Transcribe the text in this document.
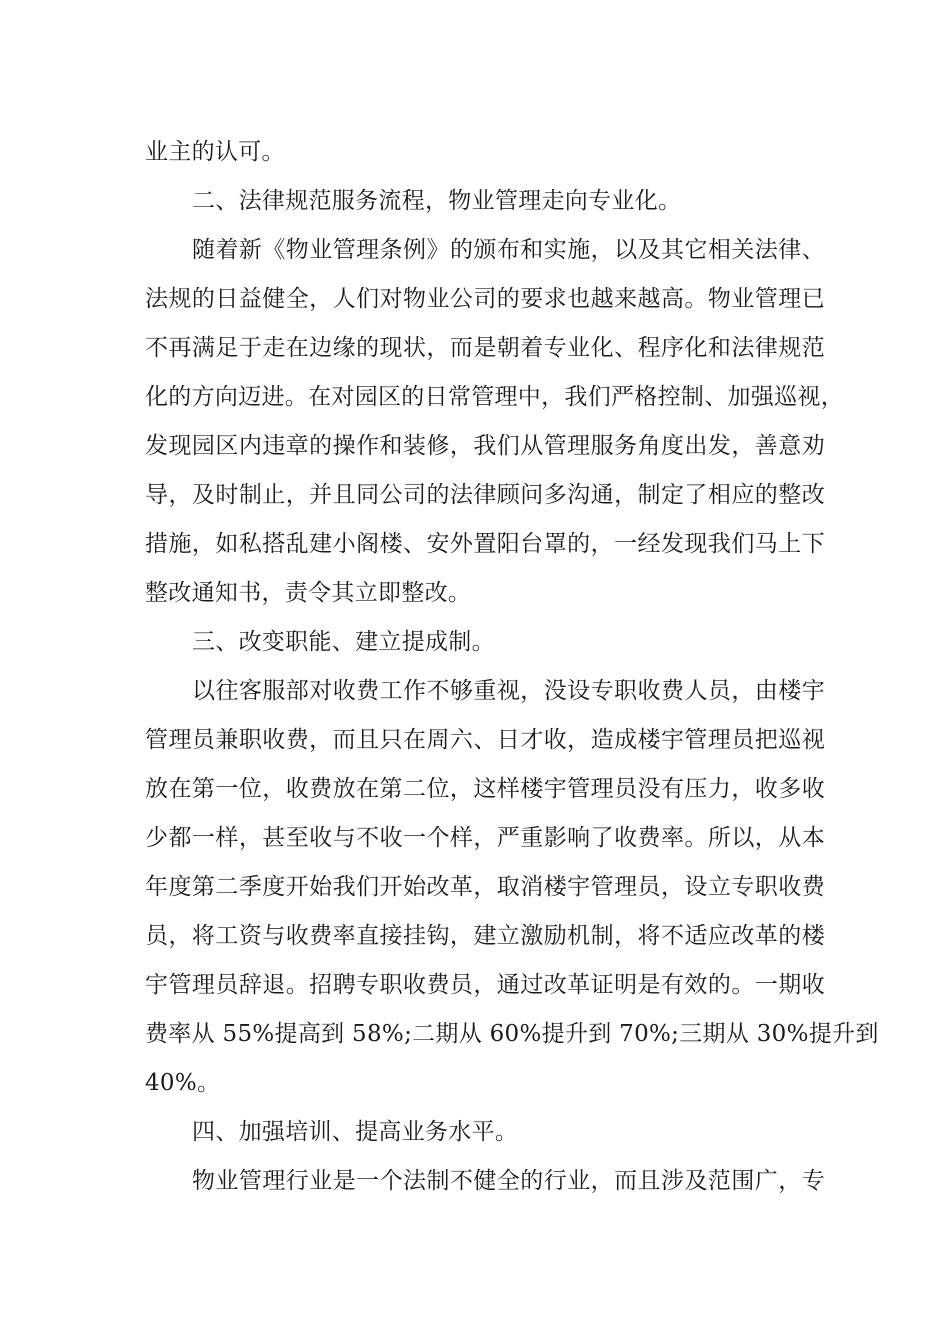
业主的认可。
二、法律规范服务流程，物业管理走向专业化。
随着新《物业管理条例》的颁布和实施，以及其它相关法律、
法规的日益健全，人们对物业公司的要求也越来越高。物业管理已
不再满足于走在边缘的现状，而是朝着专业化、程序化和法律规范
化的方向迈进。在对园区的日常管理中，我们严格控制、加强巡视，
发现园区内违章的操作和装修，我们从管理服务角度出发，善意劝
导，及时制止，并且同公司的法律顾问多沟通，制定了相应的整改
措施，如私搭乱建小阁楼、安外置阳台罩的，一经发现我们马上下
整改通知书，责令其立即整改。
三、改变职能、建立提成制。
以往客服部对收费工作不够重视，没设专职收费人员，由楼宇
管理员兼职收费，而且只在周六、日才收，造成楼宇管理员把巡视
放在第一位，收费放在第二位，这样楼宇管理员没有压力，收多收
少都一样，甚至收与不收一个样，严重影响了收费率。所以，从本
年度第二季度开始我们开始改革，取消楼宇管理员，设立专职收费
员，将工资与收费率直接挂钩，建立激励机制，将不适应改革的楼
宇管理员辞退。招聘专职收费员，通过改革证明是有效的。一期收
费率从 55%提高到 58%;二期从 60%提升到 70%;三期从 30%提升到
40%。
四、加强培训、提高业务水平。
物业管理行业是一个法制不健全的行业，而且涉及范围广，专
